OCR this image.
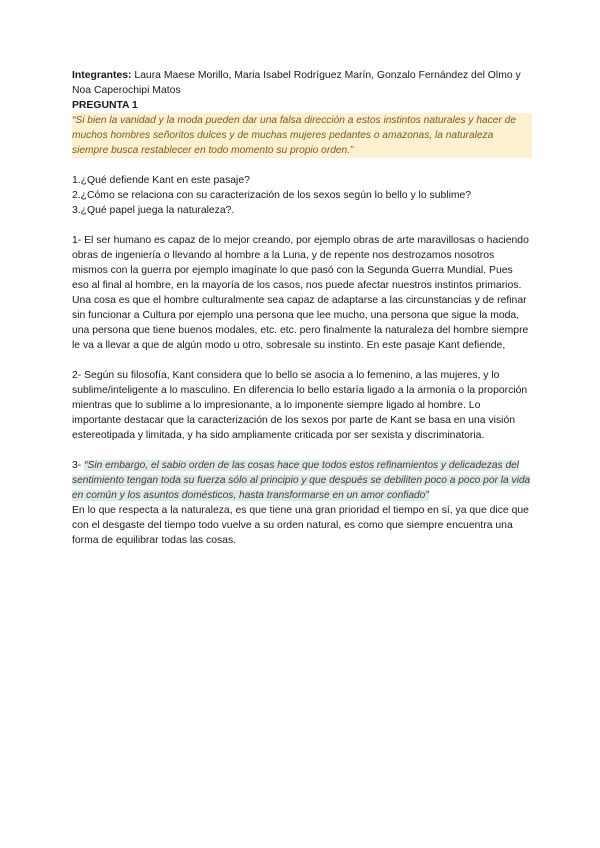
Integrantes: Laura Maese Morillo, Maria Isabel Rodríguez Marín, Gonzalo Fernández del Olmo y Noa Caperochipi Matos

PREGUNTA 1

“Si bien la vanidad y la moda pueden dar una falsa dirección a estos instintos naturales y hacer de muchos hombres señoritos dulces y de muchas mujeres pedantes o amazonas, la naturaleza siempre busca restablecer en todo momento su propio orden.”

1.¿Qué defiende Kant en este pasaje?

2.¿Cómo se relaciona con su caracterización de los sexos según lo bello y lo sublime?

3.¿Qué papel juega la naturaleza?.

1- El ser humano es capaz de lo mejor creando, por ejemplo obras de arte maravillosas o haciendo obras de ingeniería o llevando al hombre a la Luna, y de repente nos destrozamos nosotros mismos con la guerra por ejemplo imagínate lo que pasó con la Segunda Guerra Mundial. Pues eso al final al hombre, en la mayoría de los casos, nos puede afectar nuestros instintos primarios. Una cosa es que el hombre culturalmente sea capaz de adaptarse a las circunstancias y de refinar sin funcionar a Cultura por ejemplo una persona que lee mucho, una persona que sigue la moda, una persona que tiene buenos modales, etc. etc. pero finalmente la naturaleza del hombre siempre le va a llevar a que de algún modo u otro, sobresale su instinto. En este pasaje Kant defiende,

2- Según su filosofía, Kant considera que lo bello se asocia a lo femenino, a las mujeres, y lo sublime/inteligente a lo masculino. En diferencia lo bello estaría ligado a la armonía o la proporción mientras que lo sublime a lo impresionante, a lo imponente siempre ligado al hombre. Lo importante destacar que la caracterización de los sexos por parte de Kant se basa en una visión estereotipada y limitada, y ha sido ampliamente criticada por ser sexista y discriminatoria.

3- “Sin embargo, el sabio orden de las cosas hace que todos estos refinamientos y delicadezas del sentimiento tengan toda su fuerza sólo al principio y que después se debiliten poco a poco por la vida en común y los asuntos domésticos, hasta transformarse en un amor confiado”

En lo que respecta a la naturaleza, es que tiene una gran prioridad el tiempo en sí, ya que dice que con el desgaste del tiempo todo vuelve a su orden natural, es como que siempre encuentra una forma de equilibrar todas las cosas.
